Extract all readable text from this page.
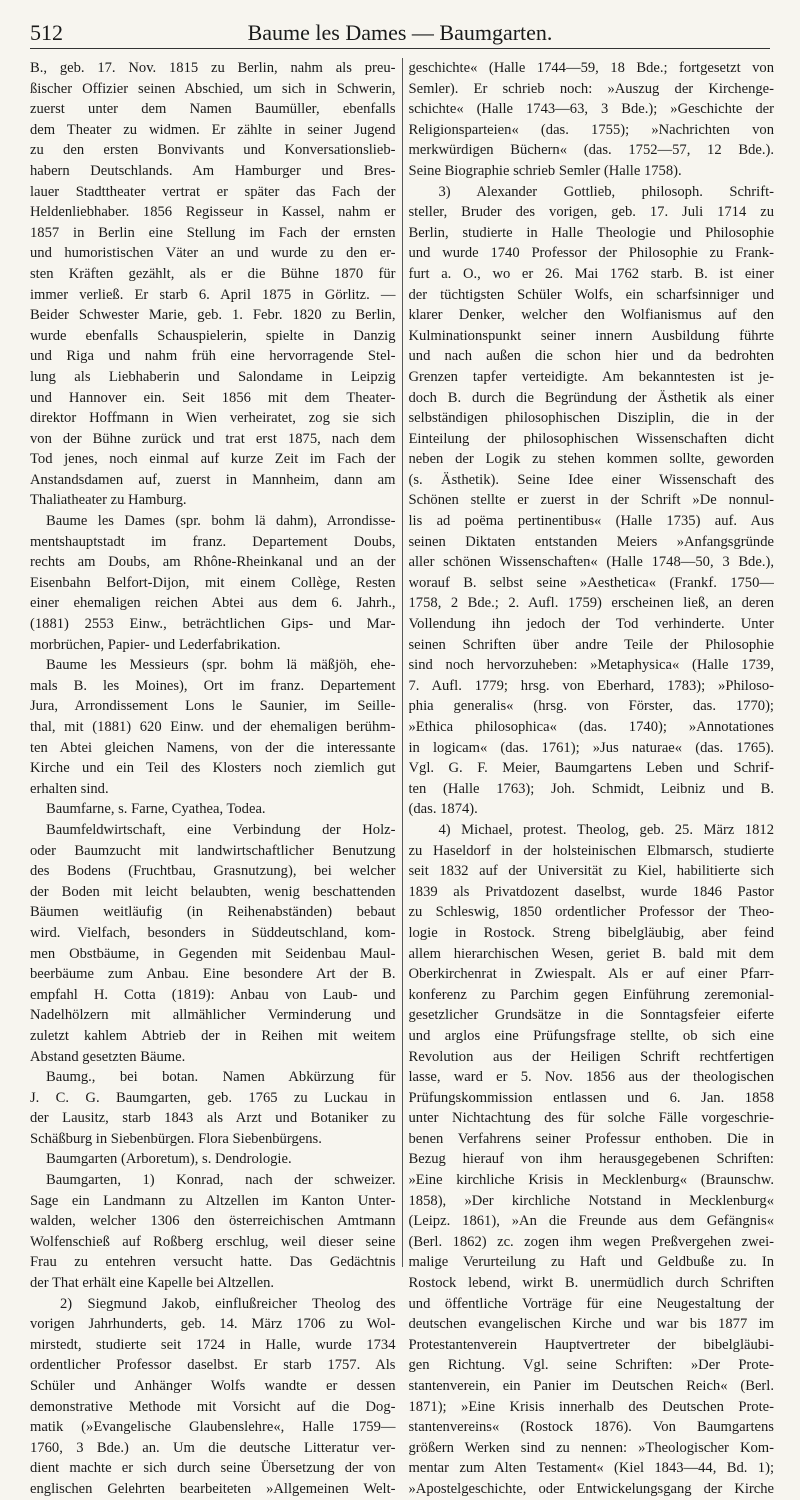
512	Baume les Dames — Baumgarten.

B., geb. 17. Nov. 1815 zu Berlin, nahm als preu-
ßischer Offizier seinen Abschied, um sich in Schwerin,
zuerst unter dem Namen Baumüller, ebenfalls
dem Theater zu widmen. Er zählte in seiner Jugend
zu den ersten Bonvivants und Konversationslieb-
habern Deutschlands. Am Hamburger und Bres-
lauer Stadttheater vertrat er später das Fach der
Heldenliebhaber. 1856 Regisseur in Kassel, nahm er
1857 in Berlin eine Stellung im Fach der ernsten
und humoristischen Väter an und wurde zu den er-
sten Kräften gezählt, als er die Bühne 1870 für
immer verließ. Er starb 6. April 1875 in Görlitz. —
Beider Schwester Marie, geb. 1. Febr. 1820 zu Berlin,
wurde ebenfalls Schauspielerin, spielte in Danzig
und Riga und nahm früh eine hervorragende Stel-
lung als Liebhaberin und Salondame in Leipzig
und Hannover ein. Seit 1856 mit dem Theater-
direktor Hoffmann in Wien verheiratet, zog sie sich
von der Bühne zurück und trat erst 1875, nach dem
Tod jenes, noch einmal auf kurze Zeit im Fach der
Anstandsdamen auf, zuerst in Mannheim, dann am
Thaliatheater zu Hamburg.

Baume les Dames (spr. bohm lä dahm), Arrondisse-
mentshauptstadt im franz. Departement Doubs,
rechts am Doubs, am Rhône-Rheinkanal und an der
Eisenbahn Belfort-Dijon, mit einem Collège, Resten
einer ehemaligen reichen Abtei aus dem 6. Jahrh.,
(1881) 2553 Einw., beträchtlichen Gips- und Mar-
morbrüchen, Papier- und Lederfabrikation.

Baume les Messieurs (spr. bohm lä mäßjöh, ehe-
mals B. les Moines), Ort im franz. Departement
Jura, Arrondissement Lons le Saunier, im Seille-
thal, mit (1881) 620 Einw. und der ehemaligen berühm-
ten Abtei gleichen Namens, von der die interessante
Kirche und ein Teil des Klosters noch ziemlich gut
erhalten sind.

Baumfarne, s. Farne, Cyathea, Todea.

Baumfeldwirtschaft, eine Verbindung der Holz-
oder Baumzucht mit landwirtschaftlicher Benutzung
des Bodens (Fruchtbau, Grasnutzung), bei welcher
der Boden mit leicht belaubten, wenig beschattenden
Bäumen weitläufig (in Reihenabständen) bebaut
wird. Vielfach, besonders in Süddeutschland, kom-
men Obstbäume, in Gegenden mit Seidenbau Maul-
beerbäume zum Anbau. Eine besondere Art der B.
empfahl H. Cotta (1819): Anbau von Laub- und
Nadelhölzern mit allmählicher Verminderung und
zuletzt kahlem Abtrieb der in Reihen mit weitem
Abstand gesetzten Bäume.

Baumg., bei botan. Namen Abkürzung für
J. C. G. Baumgarten, geb. 1765 zu Luckau in
der Lausitz, starb 1843 als Arzt und Botaniker zu
Schäßburg in Siebenbürgen. Flora Siebenbürgens.

Baumgarten (Arboretum), s. Dendrologie.

Baumgarten, 1) Konrad, nach der schweizer.
Sage ein Landmann zu Altzellen im Kanton Unter-
walden, welcher 1306 den österreichischen Amtmann
Wolfenschieß auf Roßberg erschlug, weil dieser seine
Frau zu entehren versucht hatte. Das Gedächtnis
der That erhält eine Kapelle bei Altzellen.

2) Siegmund Jakob, einflußreicher Theolog des
vorigen Jahrhunderts, geb. 14. März 1706 zu Wol-
mirstedt, studierte seit 1724 in Halle, wurde 1734
ordentlicher Professor daselbst. Er starb 1757. Als
Schüler und Anhänger Wolfs wandte er dessen
demonstrative Methode mit Vorsicht auf die Dog-
matik (»Evangelische Glaubenslehre«, Halle 1759—
1760, 3 Bde.) an. Um die deutsche Litteratur ver-
dient machte er sich durch seine Übersetzung der von
englischen Gelehrten bearbeiteten »Allgemeinen Welt-

geschichte« (Halle 1744—59, 18 Bde.; fortgesetzt von
Semler). Er schrieb noch: »Auszug der Kirchenge-
schichte« (Halle 1743—63, 3 Bde.); »Geschichte der
Religionsparteien« (das. 1755); »Nachrichten von
merkwürdigen Büchern« (das. 1752—57, 12 Bde.).
Seine Biographie schrieb Semler (Halle 1758).

3) Alexander Gottlieb, philosoph. Schrift-
steller, Bruder des vorigen, geb. 17. Juli 1714 zu
Berlin, studierte in Halle Theologie und Philosophie
und wurde 1740 Professor der Philosophie zu Frank-
furt a. O., wo er 26. Mai 1762 starb. B. ist einer
der tüchtigsten Schüler Wolfs, ein scharfsinniger und
klarer Denker, welcher den Wolfianismus auf den
Kulminationspunkt seiner innern Ausbildung führte
und nach außen die schon hier und da bedrohten
Grenzen tapfer verteidigte. Am bekanntesten ist je-
doch B. durch die Begründung der Ästhetik als einer
selbständigen philosophischen Disziplin, die in der
Einteilung der philosophischen Wissenschaften dicht
neben der Logik zu stehen kommen sollte, geworden
(s. Ästhetik). Seine Idee einer Wissenschaft des
Schönen stellte er zuerst in der Schrift »De nonnul-
lis ad poëma pertinentibus« (Halle 1735) auf. Aus
seinen Diktaten entstanden Meiers »Anfangsgründe
aller schönen Wissenschaften« (Halle 1748—50, 3 Bde.),
worauf B. selbst seine »Aesthetica« (Frankf. 1750—
1758, 2 Bde.; 2. Aufl. 1759) erscheinen ließ, an deren
Vollendung ihn jedoch der Tod verhinderte. Unter
seinen Schriften über andre Teile der Philosophie
sind noch hervorzuheben: »Metaphysica« (Halle 1739,
7. Aufl. 1779; hrsg. von Eberhard, 1783); »Philoso-
phia generalis« (hrsg. von Förster, das. 1770);
»Ethica philosophica« (das. 1740); »Annotationes
in logicam« (das. 1761); »Jus naturae« (das. 1765).
Vgl. G. F. Meier, Baumgartens Leben und Schrif-
ten (Halle 1763); Joh. Schmidt, Leibniz und B.
(das. 1874).

4) Michael, protest. Theolog, geb. 25. März 1812
zu Haseldorf in der holsteinischen Elbmarsch, studierte
seit 1832 auf der Universität zu Kiel, habilitierte sich
1839 als Privatdozent daselbst, wurde 1846 Pastor
zu Schleswig, 1850 ordentlicher Professor der Theo-
logie in Rostock. Streng bibelgläubig, aber feind
allem hierarchischen Wesen, geriet B. bald mit dem
Oberkirchenrat in Zwiespalt. Als er auf einer Pfarr-
konferenz zu Parchim gegen Einführung zeremonial-
gesetzlicher Grundsätze in die Sonntagsfeier eiferte
und arglos eine Prüfungsfrage stellte, ob sich eine
Revolution aus der Heiligen Schrift rechtfertigen
lasse, ward er 5. Nov. 1856 aus der theologischen
Prüfungskommission entlassen und 6. Jan. 1858
unter Nichtachtung des für solche Fälle vorgeschrie-
benen Verfahrens seiner Professur enthoben. Die in
Bezug hierauf von ihm herausgegebenen Schriften:
»Eine kirchliche Krisis in Mecklenburg« (Braunschw.
1858), »Der kirchliche Notstand in Mecklenburg«
(Leipz. 1861), »An die Freunde aus dem Gefängnis«
(Berl. 1862) zc. zogen ihm wegen Preßvergehen zwei-
malige Verurteilung zu Haft und Geldbuße zu. In
Rostock lebend, wirkt B. unermüdlich durch Schriften
und öffentliche Vorträge für eine Neugestaltung der
deutschen evangelischen Kirche und war bis 1877 im
Protestantenverein Hauptvertreter der bibelgläubi-
gen Richtung. Vgl. seine Schriften: »Der Prote-
stantenverein, ein Panier im Deutschen Reich« (Berl.
1871); »Eine Krisis innerhalb des Deutschen Prote-
stantenvereins« (Rostock 1876). Von Baumgartens
größern Werken sind zu nennen: »Theologischer Kom-
mentar zum Alten Testament« (Kiel 1843—44, Bd. 1);
»Apostelgeschichte, oder Entwickelungsgang der Kirche
